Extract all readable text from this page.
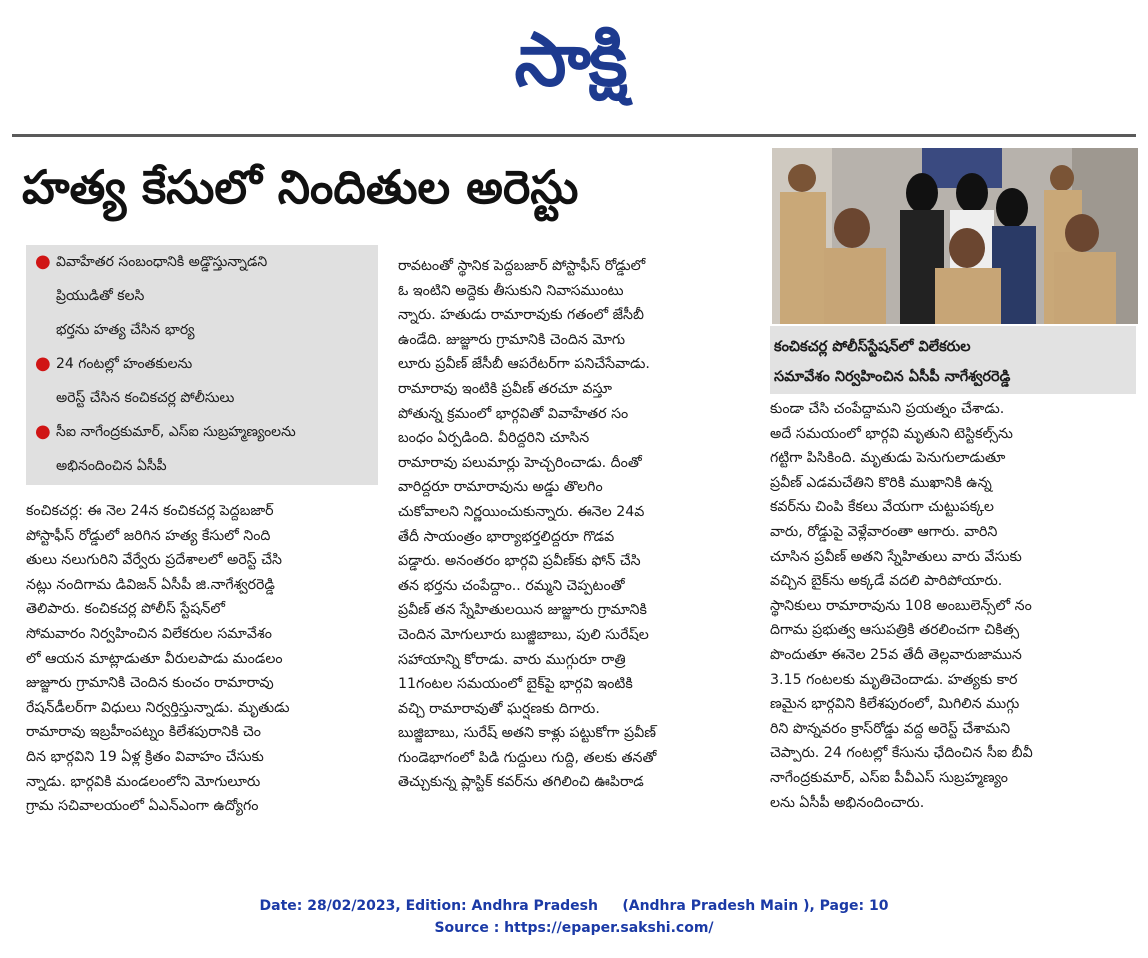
సాక్షి
హత్య కేసులో నిందితుల అరెస్టు
కంచికచర్ల పోలీస్‌స్టేషన్‌లో విలేకరుల
సమావేశం నిర్వహించిన ఏసీపీ నాగేశ్వరరెడ్డి
● వివాహేతర సంబంధానికి అడ్డొస్తున్నాడని
ప్రియుడితో కలసి
భర్తను హత్య చేసిన భార్య
● 24 గంటల్లో హంతకులను
అరెస్ట్‌ చేసిన కంచికచర్ల పోలీసులు
● సీఐ నాగేంద్రకుమార్‌, ఎస్‌ఐ సుబ్రహ్మణ్యంలను
అభినందించిన ఏసీపీ
కంచికచర్ల: ఈ నెల 24న కంచికచర్ల పెద్దబజార్‌
పోస్టాఫీస్‌ రోడ్డులో జరిగిన హత్య కేసులో నింది
తులు నలుగురిని వేర్వేరు ప్రదేశాలలో అరెస్ట్‌ చేసి
నట్లు నందిగామ డివిజన్‌ ఏసీపీ జి.నాగేశ్వరరెడ్డి
తెలిపారు. కంచికచర్ల పోలీస్‌ స్టేషన్‌లో
సోమవారం నిర్వహించిన విలేకరుల సమావేశం
లో ఆయన మాట్లాడుతూ వీరులపాడు మండలం
జుజ్జూరు గ్రామానికి చెందిన కుంచం రామారావు
రేషన్‌డీలర్‌గా విధులు నిర్వర్తిస్తున్నాడు. మృతుడు
రామారావు ఇబ్రహీంపట్నం కిలేశపురానికి చెం
దిన భార్గవిని 19 ఏళ్ల క్రితం వివాహం చేసుకు
న్నాడు. భార్గవికి మండలంలోని మోగులూరు
గ్రామ సచివాలయంలో ఏఎన్‌ఎంగా ఉద్యోగం
రావటంతో స్థానిక పెద్దబజార్‌ పోస్టాఫీస్‌ రోడ్డులో
ఓ ఇంటిని అద్దెకు తీసుకుని నివాసముంటు
న్నారు. హతుడు రామారావుకు గతంలో జేసీబీ
ఉండేది. జుజ్జూరు గ్రామానికి చెందిన మోగు
లూరు ప్రవీణ్‌ జేసీబీ ఆపరేటర్‌గా పనిచేసేవాడు.
రామారావు ఇంటికి ప్రవీణ్‌ తరచూ వస్తూ
పోతున్న క్రమంలో భార్గవితో వివాహేతర సం
బంధం ఏర్పడింది. వీరిద్దరిని చూసిన
రామారావు పలుమార్లు హెచ్చరించాడు. దీంతో
వారిద్దరూ రామారావును అడ్డు తొలగిం
చుకోవాలని నిర్ణయించుకున్నారు. ఈనెల 24వ
తేదీ సాయంత్రం భార్యాభర్తలిద్దరూ గొడవ
పడ్డారు. అనంతరం భార్గవి ప్రవీణ్‌కు ఫోన్‌ చేసి
తన భర్తను చంపేద్దాం.. రమ్మని చెప్పటంతో
ప్రవీణ్‌ తన స్నేహితులయిన జుజ్జూరు గ్రామానికి
చెందిన మోగులూరు బుజ్జిబాబు, పులి సురేష్‌ల
సహాయాన్ని కోరాడు. వారు ముగ్గురూ రాత్రి
11గంటల సమయంలో బైక్‌పై భార్గవి ఇంటికి
వచ్చి రామారావుతో ఘర్షణకు దిగారు.
బుజ్జిబాబు, సురేష్‌ అతని కాళ్లు పట్టుకోగా ప్రవీణ్‌
గుండెభాగంలో పిడి గుద్దులు గుద్ది, తలకు తనతో
తెచ్చుకున్న ప్లాస్టిక్‌ కవర్‌ను తగిలించి ఊపిరాడ
కుండా చేసి చంపేద్దామని ప్రయత్నం చేశాడు.
అదే సమయంలో భార్గవి మృతుని టెస్టికల్స్‌ను
గట్టిగా పిసికింది. మృతుడు పెనుగులాడుతూ
ప్రవీణ్‌ ఎడమచేతిని కొరికి ముఖానికి ఉన్న
కవర్‌ను చింపి కేకలు వేయగా చుట్టుపక్కల
వారు, రోడ్డుపై వెళ్లేవారంతా ఆగారు. వారిని
చూసిన ప్రవీణ్‌ అతని స్నేహితులు వారు వేసుకు
వచ్చిన బైక్‌ను అక్కడే వదలి పారిపోయారు.
స్థానికులు రామారావును 108 అంబులెన్స్‌లో నం
దిగామ ప్రభుత్వ ఆసుపత్రికి తరలించగా చికిత్స
పొందుతూ ఈనెల 25వ తేదీ తెల్లవారుజామున
3.15 గంటలకు మృతిచెందాడు. హత్యకు కార
ణమైన భార్గవిని కిలేశపురంలో, మిగిలిన ముగ్గు
రిని పొన్నవరం క్రాస్‌రోడ్డు వద్ద అరెస్ట్‌ చేశామని
చెప్పారు. 24 గంటల్లో కేసును ఛేదించిన సీఐ బీవీ
నాగేంద్రకుమార్‌, ఎస్‌ఐ పీవీఎస్‌ సుబ్రహ్మణ్యం
లను ఏసీపీ అభినందించారు.
Date: 28/02/2023, Edition: Andhra Pradesh     (Andhra Pradesh Main ), Page: 10
Source : https://epaper.sakshi.com/
